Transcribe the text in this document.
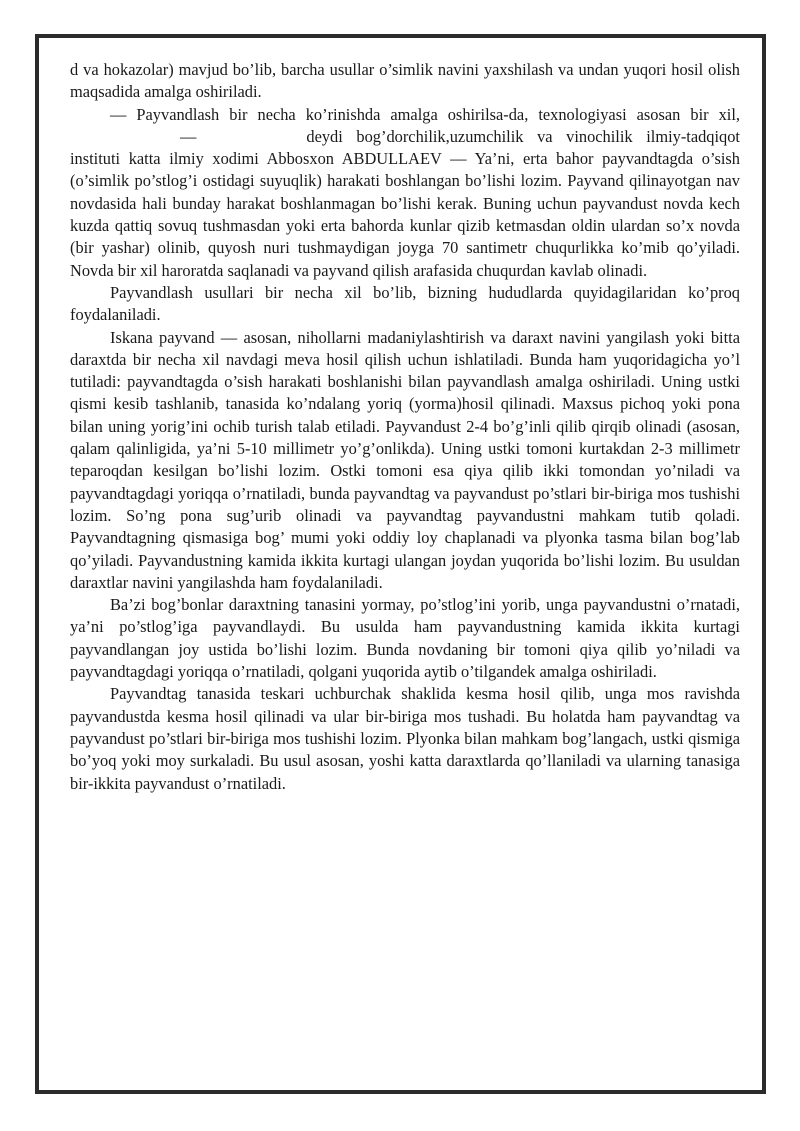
d va hokazolar) mavjud bo’lib, barcha usullar o’simlik navini yaxshilash va undan yuqori hosil olish maqsadida amalga oshiriladi.

— Payvandlash bir necha ko’rinishda amalga oshirilsa-da, texnologiyasi asosan bir xil,—	deydi bog’dorchilik,uzumchilik va vinochilik ilmiy-tadqiqot instituti katta ilmiy xodimi Abbosxon ABDULLAEV — Ya’ni, erta bahor payvandtagda o’sish (o’simlik po’stlog’i ostidagi suyuqlik) harakati boshlangan bo’lishi lozim. Payvand qilinayotgan nav novdasida hali bunday harakat boshlanmagan bo’lishi kerak. Buning uchun payvandust novda kech kuzda qattiq sovuq tushmasdan yoki erta bahorda kunlar qizib ketmasdan oldin ulardan so’x novda (bir yashar) olinib, quyosh nuri tushmaydigan joyga 70 santimetr chuqurlikka ko’mib qo’yiladi. Novda bir xil haroratda saqlanadi va payvand qilish arafasida chuqurdan kavlab olinadi.

Payvandlash usullari bir necha xil bo’lib, bizning hududlarda quyidagilaridan ko’proq foydalaniladi.

Iskana payvand — asosan, nihollarni madaniylashtirish va daraxt navini yangilash yoki bitta daraxtda bir necha xil navdagi meva hosil qilish uchun ishlatiladi. Bunda ham yuqoridagicha yo’l tutiladi: payvandtagda o’sish harakati boshlanishi bilan payvandlash amalga oshiriladi. Uning ustki qismi kesib tashlanib, tanasida ko’ndalang yoriq (yorma)hosil qilinadi. Maxsus pichoq yoki pona bilan uning yorig’ini ochib turish talab etiladi. Payvandust 2-4 bo’g’inli qilib qirqib olinadi (asosan, qalam qalinligida, ya’ni 5-10 millimetr yo’g’onlikda). Uning ustki tomoni kurtakdan 2-3 millimetr teparoqdan kesilgan bo’lishi lozim. Ostki tomoni esa qiya qilib ikki tomondan yo’niladi va payvandtagdagi yoriqqa o’rnatiladi, bunda payvandtag va payvandust po’stlari bir-biriga mos tushishi lozim. So’ng pona sug’urib olinadi va payvandtag payvandustni mahkam tutib qoladi. Payvandtagning qismasiga bog’ mumi yoki oddiy loy chaplanadi va plyonka tasma bilan bog’lab qo’yiladi. Payvandustning kamida ikkita kurtagi ulangan joydan yuqorida bo’lishi lozim. Bu usuldan daraxtlar navini yangilashda ham foydalaniladi.

Ba’zi bog’bonlar daraxtning tanasini yormay, po’stlog’ini yorib, unga payvandustni o’rnatadi, ya’ni po’stlog’iga payvandlaydi. Bu usulda ham payvandustning kamida ikkita kurtagi payvandlangan joy ustida bo’lishi lozim. Bunda novdaning bir tomoni qiya qilib yo’niladi va payvandtagdagi yoriqqa o’rnatiladi, qolgani yuqorida aytib o’tilgandek amalga oshiriladi.

Payvandtag tanasida teskari uchburchak shaklida kesma hosil qilib, unga mos ravishda payvandustda kesma hosil qilinadi va ular bir-biriga mos tushadi. Bu holatda ham payvandtag va payvandust po’stlari bir-biriga mos tushishi lozim. Plyonka bilan mahkam bog’langach, ustki qismiga bo’yoq yoki moy surkaladi. Bu usul asosan, yoshi katta daraxtlarda qo’llaniladi va ularning tanasiga bir-ikkita payvandust o’rnatiladi.
